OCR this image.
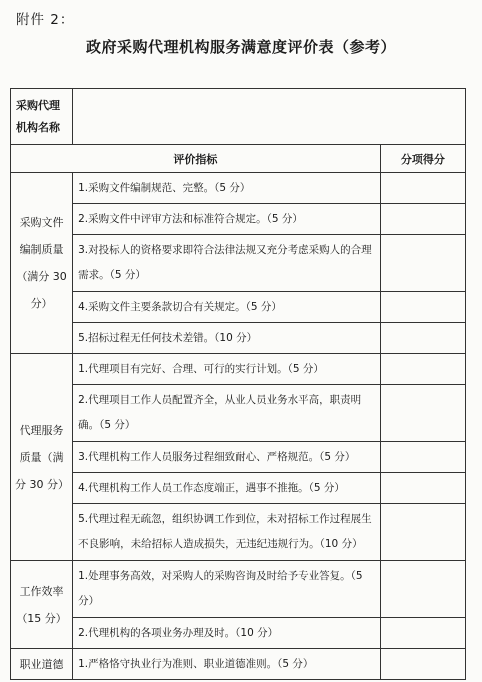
附件 2：
政府采购代理机构服务满意度评价表（参考）
采购代理机构名称		
评价指标		分项得分
采购文件编制质量（满分 30 分）	1.采购文件编制规范、完整。（5 分）	
	2.采购文件中评审方法和标准符合规定。（5 分）	
	3.对投标人的资格要求即符合法律法规又充分考虑采购人的合理需求。（5 分）	
	4.采购文件主要条款切合有关规定。（5 分）	
	5.招标过程无任何技术差错。（10 分）	
代理服务质量（满分 30 分）	1.代理项目有完好、合理、可行的实行计划。（5 分）	
	2.代理项目工作人员配置齐全，从业人员业务水平高，职责明确。（5 分）	
	3.代理机构工作人员服务过程细致耐心、严格规范。（5 分）	
	4.代理机构工作人员工作态度端正，遇事不推拖。（5 分）	
	5.代理过程无疏忽，组织协调工作到位，未对招标工作过程展生不良影响，未给招标人造成损失，无违纪违规行为。（10 分）	
工作效率（15 分）	1.处理事务高效，对采购人的采购咨询及时给予专业答复。（5 分）	
	2.代理机构的各项业务办理及时。（10 分）	
职业道德	1.严格恪守执业行为准则、职业道德准则。（5 分）	
